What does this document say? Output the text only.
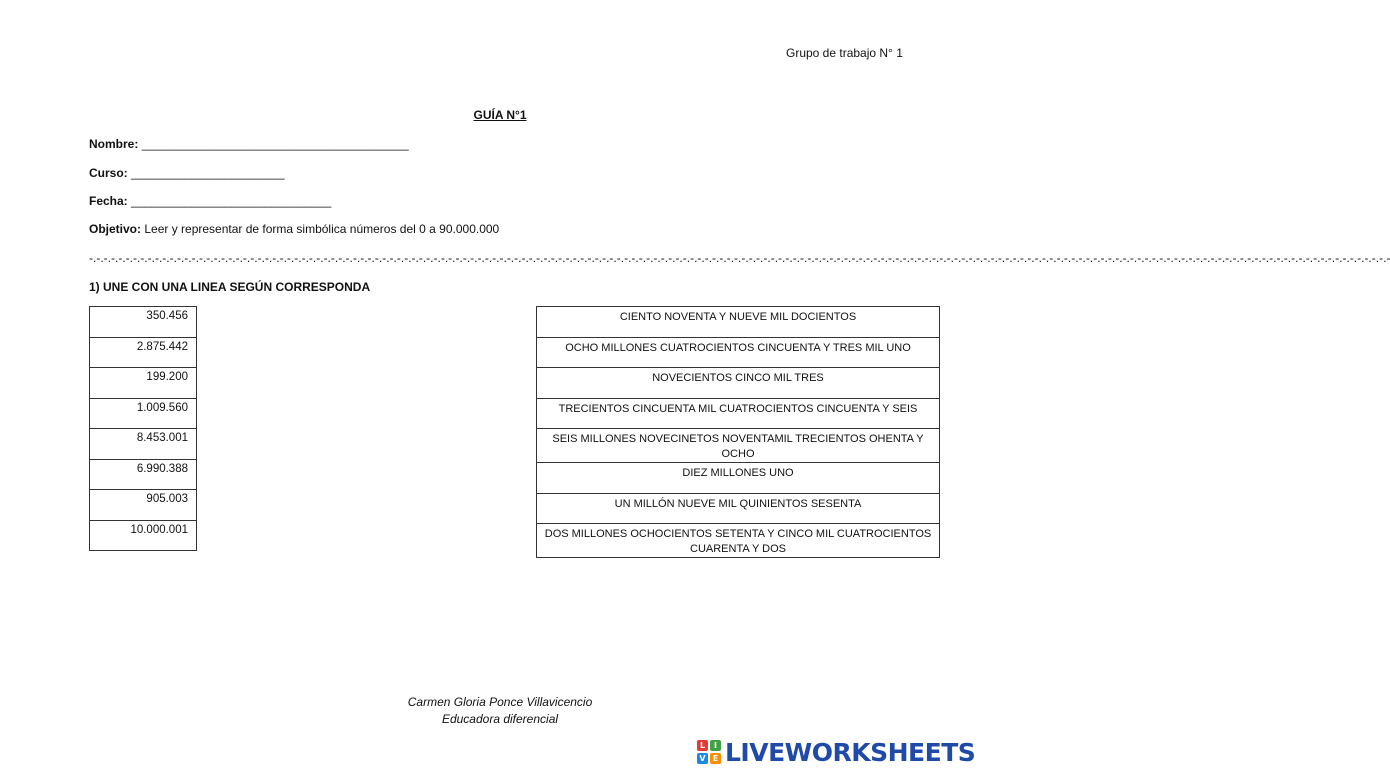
Grupo de trabajo N° 1
GUÍA N°1
Nombre: ________________________________________
Curso: _______________________
Fecha: ______________________________
Objetivo: Leer y representar de forma simbólica números del 0 a 90.000.000
-.-.-.-.-.-.-.-.-.-.-.-.-.-.-.-.-.-.-.-.-.-.-.-.-.-.-.-.-.-.-.-.-.-.-.-.-.-.-.-.-.-.-.-.-.-.-.-.-.-.-.-.-.-.-.-.-.-.-.-.-.-.-.-.-.-.-.-.-.-.-.-.-.-.-.-.-.-.-.-.-.-.-.-.-.-.-.-.-.-.-.-.-.-.-.-.-.-.-.-.-.-.-.-.-.-.-.-.-.-.-.-.-.-.-.-.-.-.-.-.-.-.-.-.-.-.-.-.-.-.-.-.-.-.-.-.-.-.-.-.-.-.-.-.-.-.-.-.-.-.-.-.-.-.-.-.-.-.-.-.-.-.-.-.-.-.-.-.-.-.-.-.-.-.-.-.-.-
1) UNE CON UNA LINEA SEGÚN CORRESPONDA
350.456
2.875.442
199.200
1.009.560
8.453.001
6.990.388
905.003
10.000.001
CIENTO NOVENTA Y NUEVE MIL DOCIENTOS
OCHO MILLONES CUATROCIENTOS CINCUENTA Y TRES MIL UNO
NOVECIENTOS CINCO MIL TRES
TRECIENTOS CINCUENTA MIL CUATROCIENTOS CINCUENTA Y SEIS
SEIS MILLONES NOVECINETOS NOVENTAMIL TRECIENTOS OHENTA Y OCHO
DIEZ MILLONES UNO
UN MILLÓN NUEVE MIL QUINIENTOS SESENTA
DOS MILLONES OCHOCIENTOS SETENTA Y CINCO MIL CUATROCIENTOS CUARENTA Y DOS
Carmen Gloria Ponce Villavicencio
Educadora diferencial
L	I
V E LIVEWORKSHEETS
